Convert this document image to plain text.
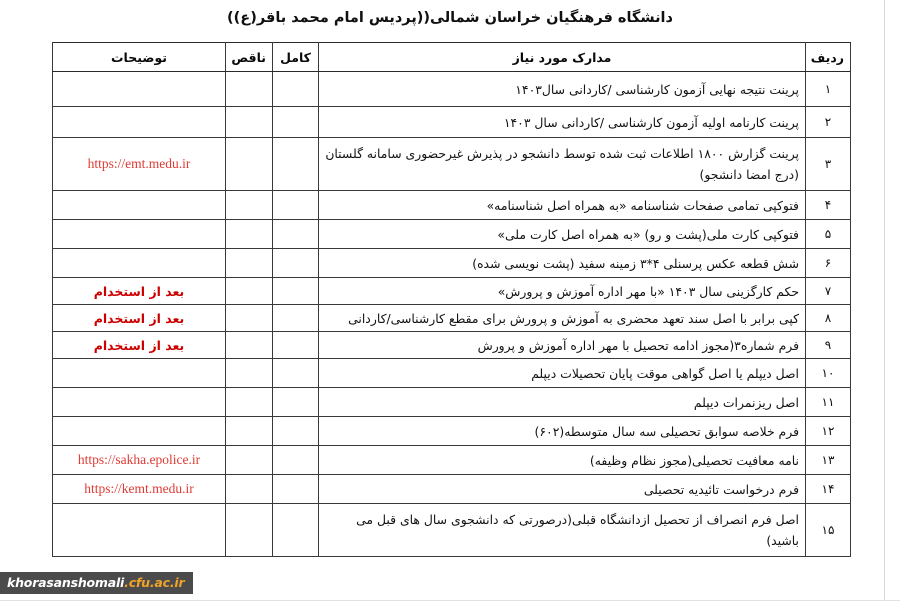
دانشگاه فرهنگیان خراسان شمالی((پردیس امام محمد باقر(ع))
ردیف	مدارک مورد نیاز	کامل	ناقص	توضیحات
۱	پرینت نتیجه نهایی آزمون کارشناسی /کاردانی سال۱۴۰۳			
۲	پرینت کارنامه اولیه آزمون کارشناسی /کاردانی سال ۱۴۰۳			
۳	پرینت گزارش ۱۸۰۰ اطلاعات ثبت شده توسط دانشجو در پذیرش غیرحضوری سامانه گلستان (درج امضا دانشجو)			https://emt.medu.ir
۴	فتوکپی تمامی صفحات شناسنامه «به همراه اصل شناسنامه»			
۵	فتوکپی کارت ملی(پشت و رو) «به همراه اصل کارت ملی»			
۶	شش قطعه عکس پرسنلی ۴*۳ زمینه سفید (پشت نویسی شده)			
۷	حکم کارگزینی سال ۱۴۰۳ «با مهر اداره آموزش و پرورش»			بعد از استخدام
۸	کپی برابر با اصل سند تعهد محضری به آموزش و پرورش برای مقطع کارشناسی/کاردانی			بعد از استخدام
۹	فرم شماره۳(مجوز ادامه تحصیل با مهر اداره آموزش و پرورش			بعد از استخدام
۱۰	اصل دیپلم یا اصل گواهی موقت پایان تحصیلات دیپلم			
۱۱	اصل ریزنمرات دیپلم			
۱۲	فرم خلاصه سوابق تحصیلی سه سال متوسطه(۶۰۲)			
۱۳	نامه معافیت تحصیلی(مجوز نظام وظیفه)			https://sakha.epolice.ir
۱۴	فرم درخواست تائیدیه تحصیلی			https://kemt.medu.ir
۱۵	اصل فرم انصراف از تحصیل ازدانشگاه قبلی(درصورتی که دانشجوی سال های قبل می باشید)			
khorasanshomali.cfu.ac.ir
